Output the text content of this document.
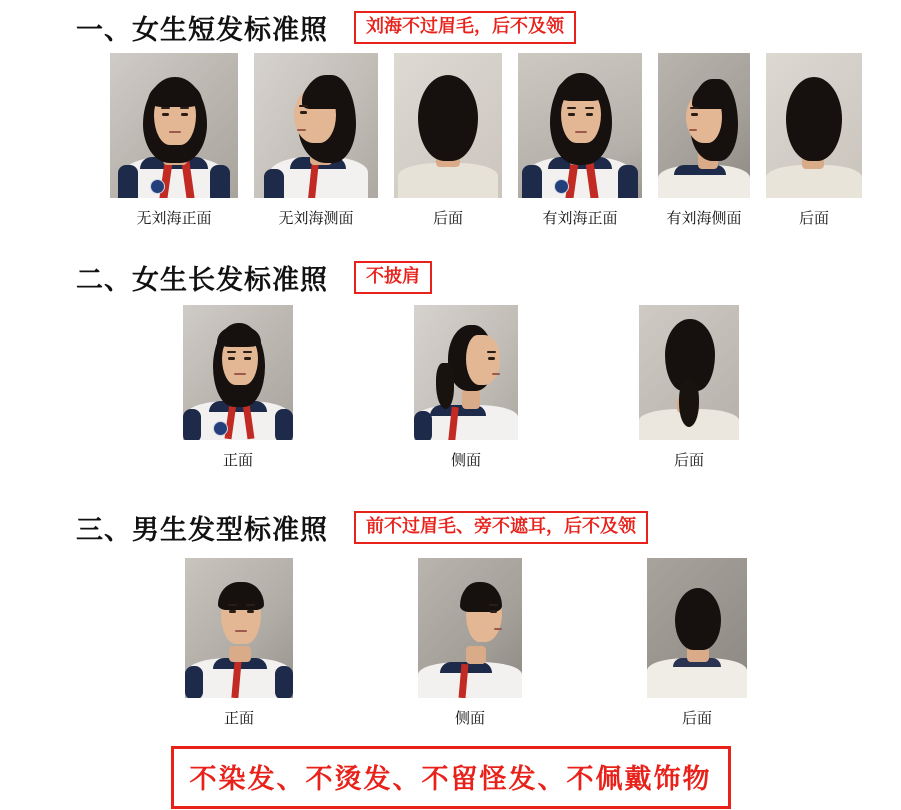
一、女生短发标准照	刘海不过眉毛，后不及领
无刘海正面	无刘海测面	后面	有刘海正面	有刘海侧面	后面
二、女生长发标准照	不披肩
正面	侧面	后面
三、男生发型标准照	前不过眉毛、旁不遮耳，后不及领
正面	侧面	后面
不染发、不烫发、不留怪发、不佩戴饰物
